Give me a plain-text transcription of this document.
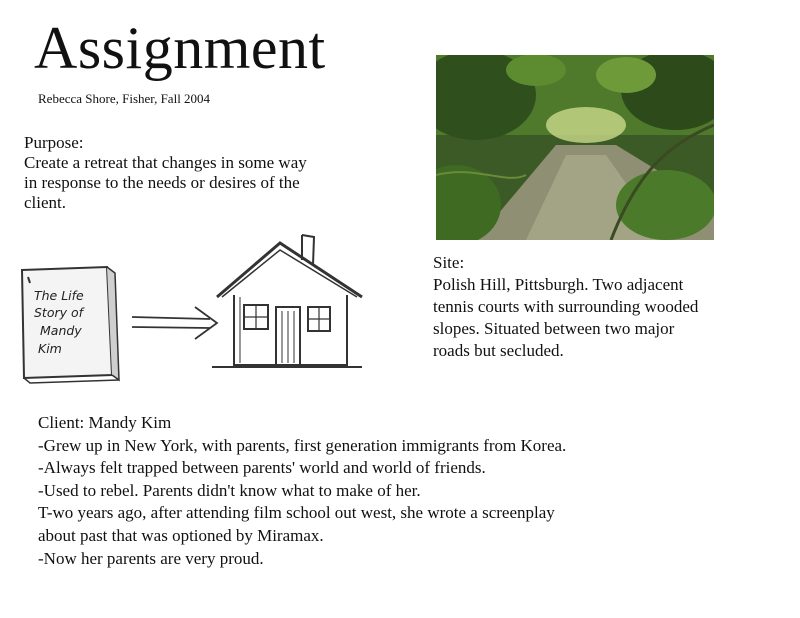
Assignment
Rebecca Shore, Fisher, Fall 2004

Purpose:

Create a retreat that changes in some way

in response to the needs or desires of the

client.

Site:

Polish Hill, Pittsburgh. Two adjacent

tennis courts with surrounding wooded

slopes. Situated between two major

roads but secluded.

The Life
Story of
Mandy
Kim

Client: Mandy Kim

-Grew up in New York, with parents, first generation immigrants from Korea.

-Always felt trapped between parents' world and world of friends.

-Used to rebel. Parents didn't know what to make of her.

T-wo years ago, after attending film school out west, she wrote a screenplay

about past that was optioned by Miramax.

-Now her parents are very proud.
